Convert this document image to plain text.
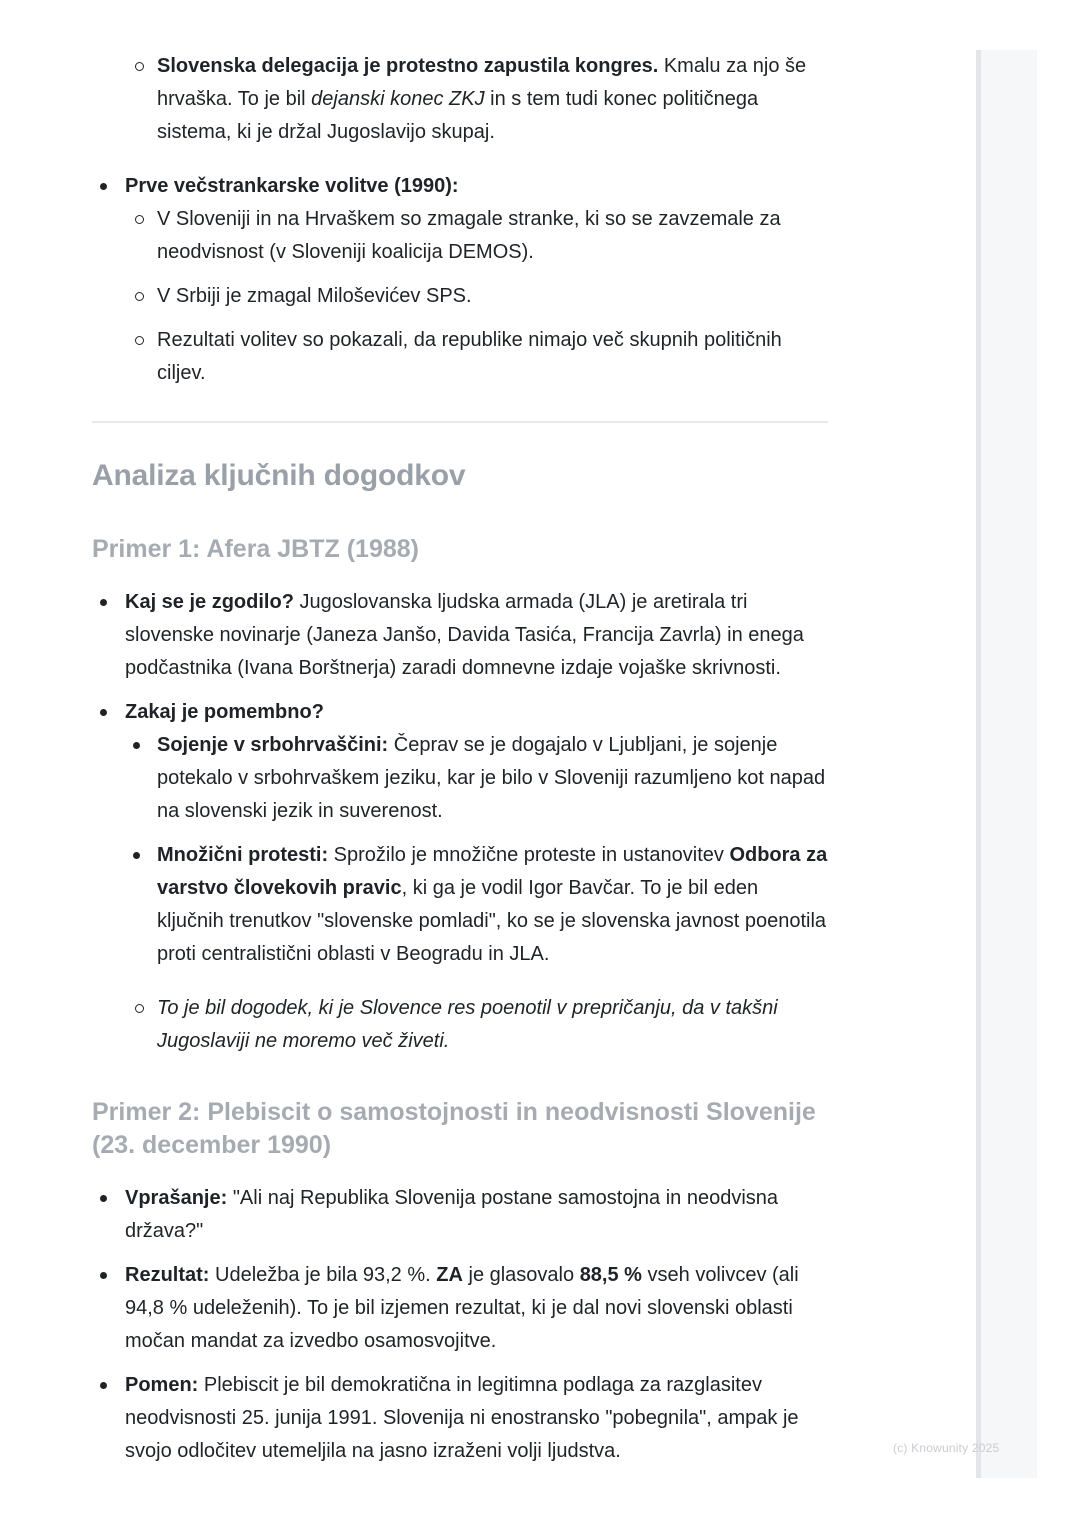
Slovenska delegacija je protestno zapustila kongres. Kmalu za njo še hrvaška. To je bil dejanski konec ZKJ in s tem tudi konec političnega sistema, ki je držal Jugoslavijo skupaj.
Prve večstrankarske volitve (1990):
V Sloveniji in na Hrvaškem so zmagale stranke, ki so se zavzemale za neodvisnost (v Sloveniji koalicija DEMOS).
V Srbiji je zmagal Miloševićev SPS.
Rezultati volitev so pokazali, da republike nimajo več skupnih političnih ciljev.
Analiza ključnih dogodkov
Primer 1: Afera JBTZ (1988)
Kaj se je zgodilo? Jugoslovanska ljudska armada (JLA) je aretirala tri slovenske novinarje (Janeza Janšo, Davida Tasića, Francija Zavrla) in enega podčastnika (Ivana Borštnerja) zaradi domnevne izdaje vojaške skrivnosti.
Zakaj je pomembno?
Sojenje v srbohrvaščini: Čeprav se je dogajalo v Ljubljani, je sojenje potekalo v srbohrvaškem jeziku, kar je bilo v Sloveniji razumljeno kot napad na slovenski jezik in suverenost.
Množični protesti: Sprožilo je množične proteste in ustanovitev Odbora za varstvo človekovih pravic, ki ga je vodil Igor Bavčar. To je bil eden ključnih trenutkov "slovenske pomladi", ko se je slovenska javnost poenotila proti centralistični oblasti v Beogradu in JLA.
To je bil dogodek, ki je Slovence res poenotil v prepričanju, da v takšni Jugoslaviji ne moremo več živeti.
Primer 2: Plebiscit o samostojnosti in neodvisnosti Slovenije (23. december 1990)
Vprašanje: "Ali naj Republika Slovenija postane samostojna in neodvisna država?"
Rezultat: Udeležba je bila 93,2 %. ZA je glasovalo 88,5 % vseh volivcev (ali 94,8 % udeleženih). To je bil izjemen rezultat, ki je dal novi slovenski oblasti močan mandat za izvedbo osamosvojitve.
Pomen: Plebiscit je bil demokratična in legitimna podlaga za razglasitev neodvisnosti 25. junija 1991. Slovenija ni enostransko "pobegnila", ampak je svojo odločitev utemeljila na jasno izraženi volji ljudstva.	(c) Knowunity 2025
